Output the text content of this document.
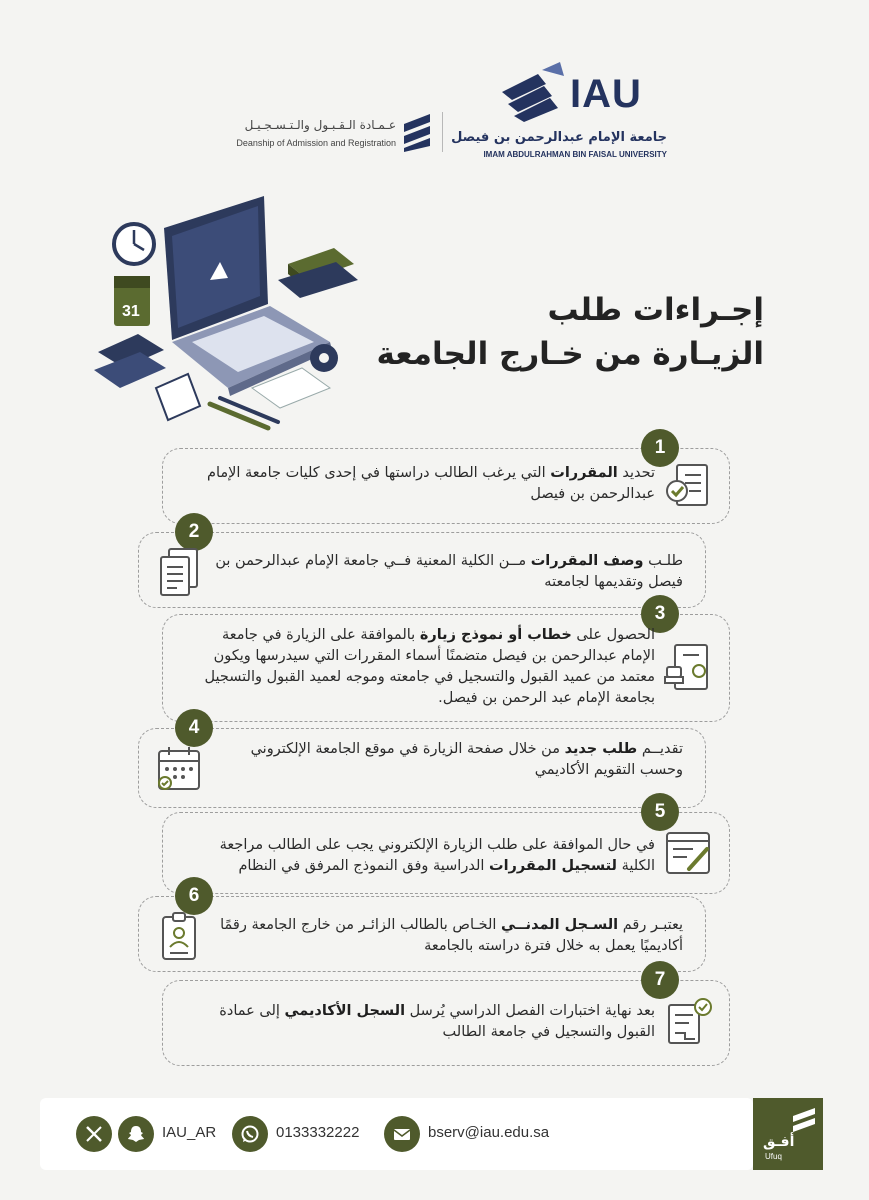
IAU
جامعة الإمام عبدالرحمن بن فيصل
IMAM ABDULRAHMAN BIN FAISAL UNIVERSITY
عـمـادة الـقـبـول والـتـسـجـيـل
Deanship of Admission and Registration
31	إجـراءات طلب
الزيـارة من خـارج الجامعة
1
تحديد المقررات التي يرغب الطالب دراستها في إحدى كليات جامعة الإمام عبدالرحمن بن فيصل
2
طلـب وصف المقررات مــن الكلية المعنية فــي جامعة الإمام عبدالرحمن بن فيصل وتقديمها لجامعته
3
الحصول على خطاب أو نموذج زيارة بالموافقة على الزيارة في جامعة الإمام عبدالرحمن بن فيصل متضمنًا أسماء المقررات التي سيدرسها ويكون معتمد من عميد القبول والتسجيل في جامعته وموجه لعميد القبول والتسجيل بجامعة الإمام عبد الرحمن بن فيصل.
4
تقديــم طلب جديد من خلال صفحة الزيارة في موقع الجامعة الإلكتروني وحسب التقويم الأكاديمي
5
في حال الموافقة على طلب الزيارة الإلكتروني يجب على الطالب مراجعة الكلية لتسجيل المقررات الدراسية وفق النموذج المرفق في النظام
6
يعتبـر رقم السـجل المدنــي الخـاص بالطالب الزائـر من خارج الجامعة رقمًا أكاديميًا يعمل به خلال فترة دراسته بالجامعة
7
بعد نهاية اختبارات الفصل الدراسي يُرسل السجل الأكاديمي إلى عمادة القبول والتسجيل في جامعة الطالب
IAU_AR	0133332222	bserv@iau.edu.sa
أفـق
Ufuq
